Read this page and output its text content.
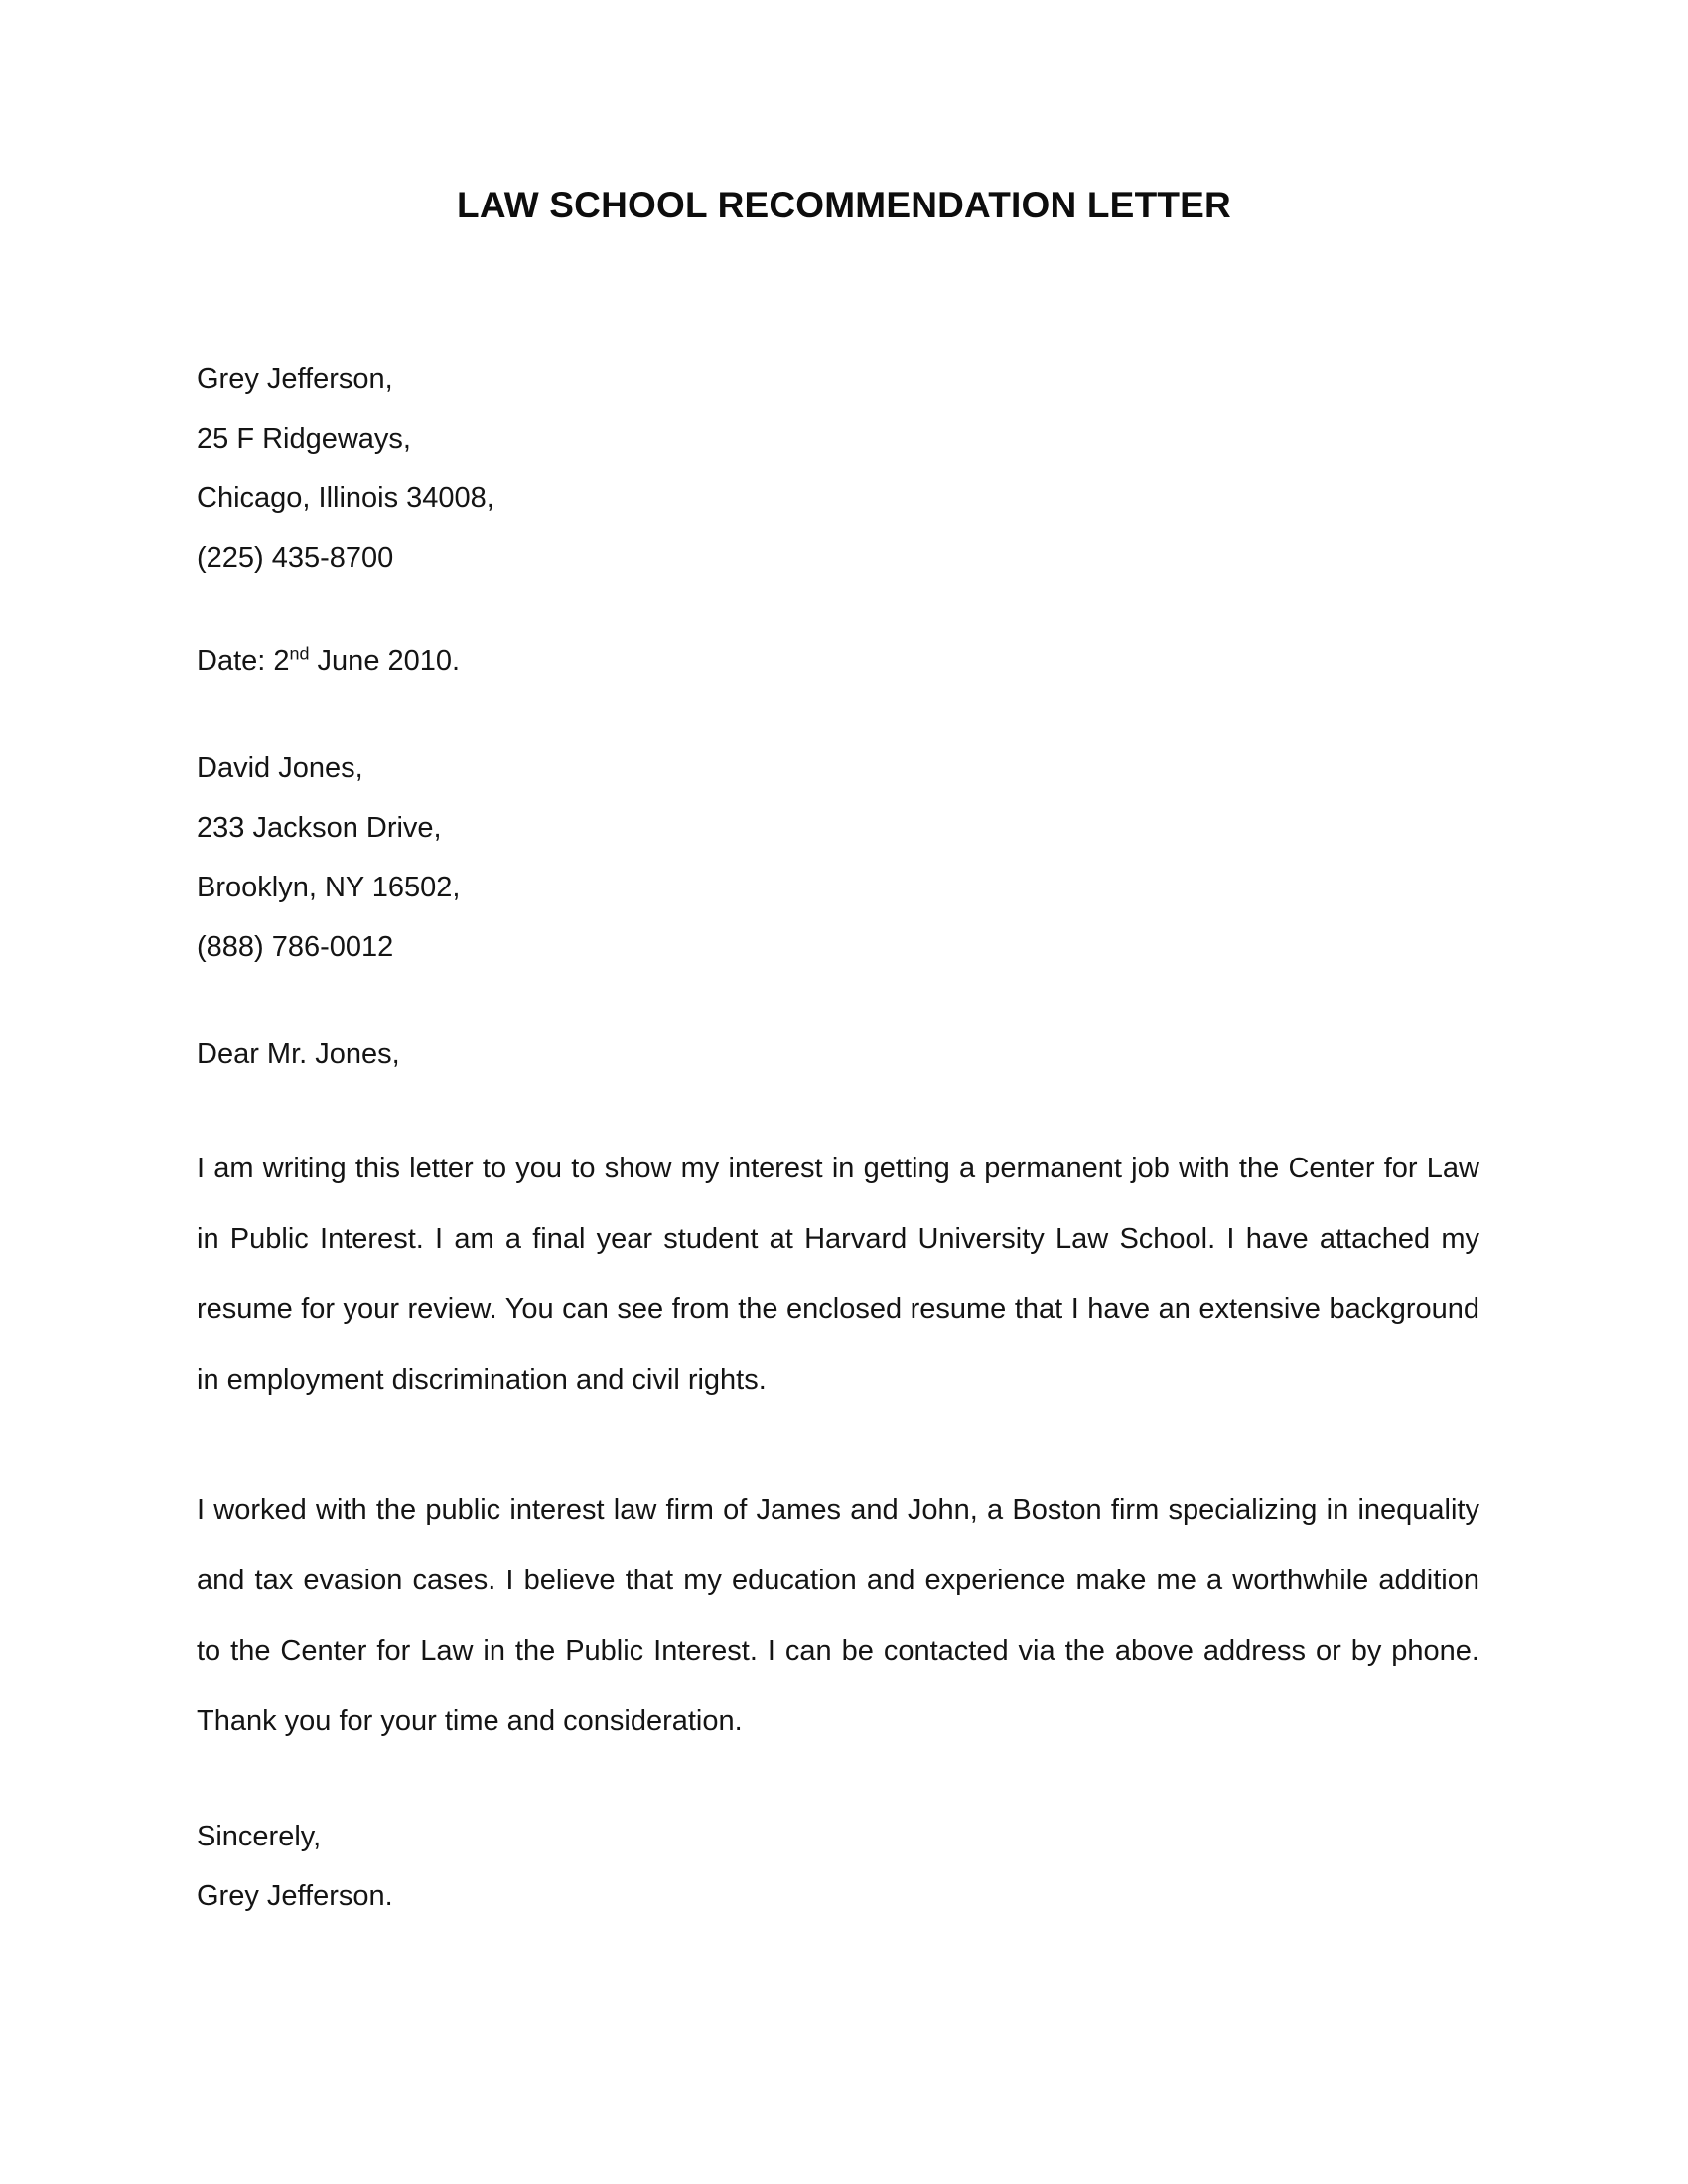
LAW SCHOOL RECOMMENDATION LETTER
Grey Jefferson,
25 F Ridgeways,
Chicago, Illinois 34008,
(225) 435-8700
Date: 2nd June 2010.
David Jones,
233 Jackson Drive,
Brooklyn, NY 16502,
(888) 786-0012
Dear Mr. Jones,

I am writing this letter to you to show my interest in getting a permanent job with the Center for Law in Public Interest. I am a final year student at Harvard University Law School. I have attached my resume for your review. You can see from the enclosed resume that I have an extensive background in employment discrimination and civil rights.

I worked with the public interest law firm of James and John, a Boston firm specializing in inequality and tax evasion cases. I believe that my education and experience make me a worthwhile addition to the Center for Law in the Public Interest. I can be contacted via the above address or by phone. Thank you for your time and consideration.

Sincerely,
Grey Jefferson.
